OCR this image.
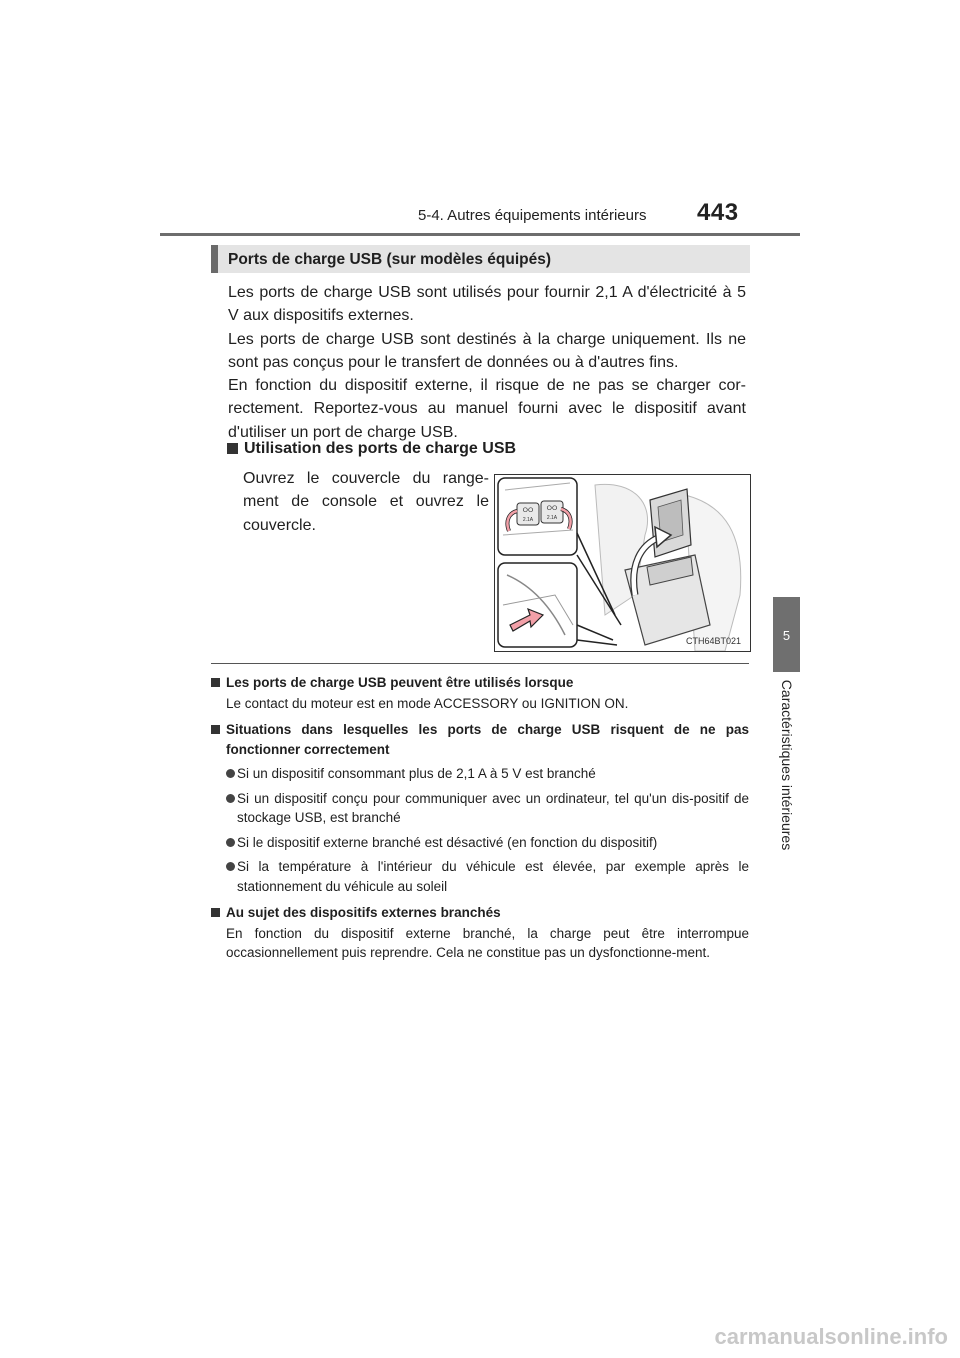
5-4. Autres équipements intérieurs 443
5
Caractéristiques intérieures
Ports de charge USB (sur modèles équipés)

Les ports de charge USB sont utilisés pour fournir 2,1 A d'électricité à 5 V aux dispositifs externes.

Les ports de charge USB sont destinés à la charge uniquement. Ils ne sont pas conçus pour le transfert de données ou à d'autres fins.

En fonction du dispositif externe, il risque de ne pas se charger cor-rectement. Reportez-vous au manuel fourni avec le dispositif avant d'utiliser un port de charge USB.

Utilisation des ports de charge USB
Ouvrez le couvercle du range-ment de console et ouvrez le couvercle.
ⵔⵔ ⵔⵔ
2.1A	2.1A
CTH64BT021
Les ports de charge USB peuvent être utilisés lorsque
Le contact du moteur est en mode ACCESSORY ou IGNITION ON.
Situations dans lesquelles les ports de charge USB risquent de ne pas fonctionner correctement
Si un dispositif consommant plus de 2,1 A à 5 V est branché
Si un dispositif conçu pour communiquer avec un ordinateur, tel qu'un dis-positif de stockage USB, est branché
Si le dispositif externe branché est désactivé (en fonction du dispositif)
Si la température à l'intérieur du véhicule est élevée, par exemple après le stationnement du véhicule au soleil
Au sujet des dispositifs externes branchés
En fonction du dispositif externe branché, la charge peut être interrompue occasionnellement puis reprendre. Cela ne constitue pas un dysfonctionne-ment.
carmanualsonline.info
